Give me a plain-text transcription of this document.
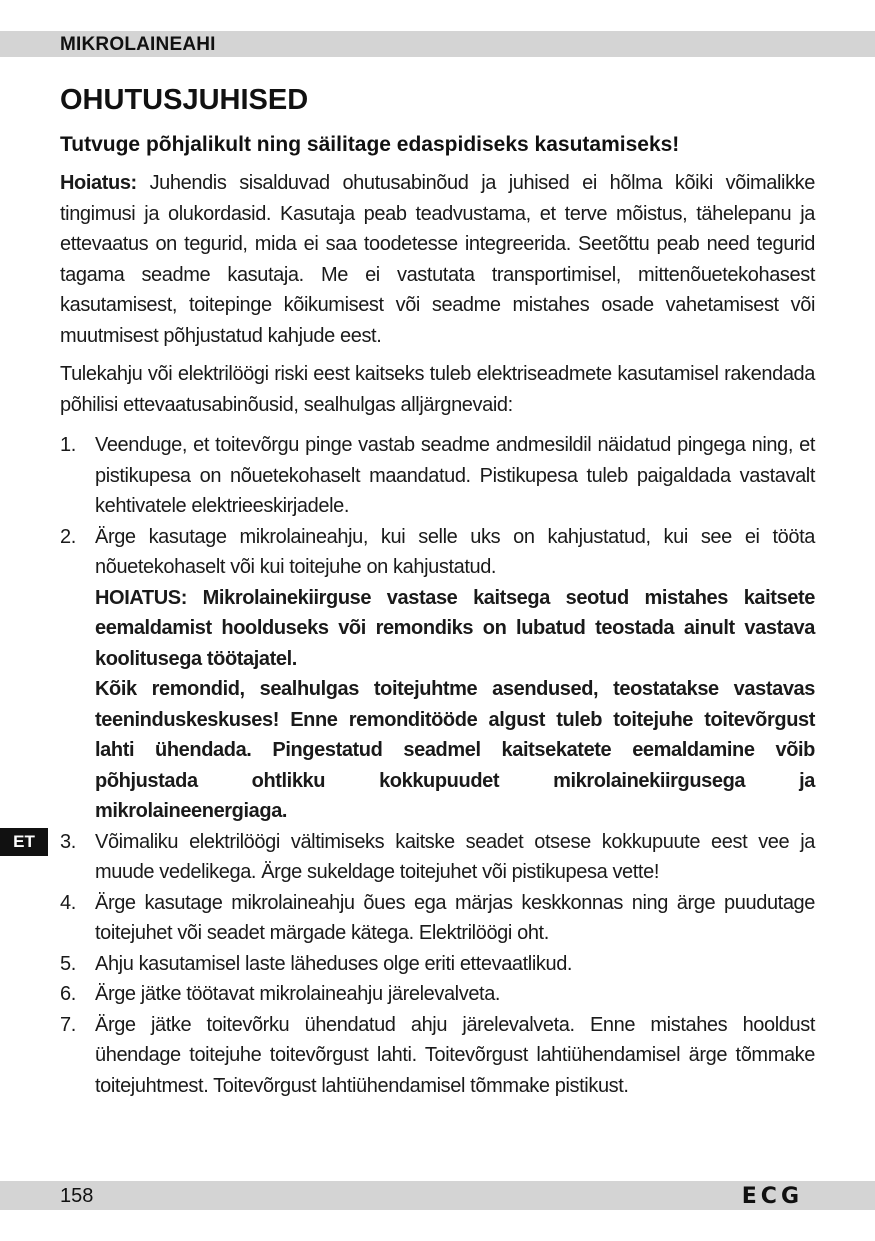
MIKROLAINEAHI
OHUTUSJUHISED
Tutvuge põhjalikult ning säilitage edaspidiseks kasutamiseks!

Hoiatus: Juhendis sisalduvad ohutusabinõud ja juhised ei hõlma kõiki võimalikke tingimusi ja olukordasid. Kasutaja peab teadvustama, et terve mõistus, tähelepanu ja ettevaatus on tegurid, mida ei saa toodetesse integreerida. Seetõttu peab need tegurid tagama seadme kasutaja. Me ei vastutata transportimisel, mittenõuetekohasest kasutamisest, toitepinge kõikumisest või seadme mistahes osade vahetamisest või muutmisest põhjustatud kahjude eest.

Tulekahju või elektrilöögi riski eest kaitseks tuleb elektriseadmete kasutamisel rakendada põhilisi ettevaatusabinõusid, sealhulgas alljärgnevaid:

1. Veenduge, et toitevõrgu pinge vastab seadme andmesildil näidatud pingega ning, et pistikupesa on nõuetekohaselt maandatud. Pistikupesa tuleb paigaldada vastavalt kehtivatele elektrieeskirjadele.
2. Ärge kasutage mikrolaineahju, kui selle uks on kahjustatud, kui see ei tööta nõuetekohaselt või kui toitejuhe on kahjustatud.
HOIATUS: Mikrolainekiirguse vastase kaitsega seotud mistahes kaitsete eemaldamist hoolduseks või remondiks on lubatud teostada ainult vastava koolitusega töötajatel.
Kõik remondid, sealhulgas toitejuhtme asendused, teostatakse vastavas teeninduskeskuses! Enne remonditööde algust tuleb toitejuhe toitevõrgust lahti ühendada. Pingestatud seadmel kaitsekatete eemaldamine võib põhjustada ohtlikku kokkupuudet mikrolainekiirgusega ja mikrolaineenergiaga.
3. Võimaliku elektrilöögi vältimiseks kaitske seadet otsese kokkupuute eest vee ja muude vedelikega. Ärge sukeldage toitejuhet või pistikupesa vette!
4. Ärge kasutage mikrolaineahju õues ega märjas keskkonnas ning ärge puudutage toitejuhet või seadet märgade kätega. Elektrilöögi oht.
5. Ahju kasutamisel laste läheduses olge eriti ettevaatlikud.
6. Ärge jätke töötavat mikrolaineahju järelevalveta.
7. Ärge jätke toitevõrku ühendatud ahju järelevalveta. Enne mistahes hooldust ühendage toitejuhe toitevõrgust lahti. Toitevõrgust lahtiühendamisel ärge tõmmake toitejuhtmest. Toitevõrgust lahtiühendamisel tõmmake pistikust.
ET
158	ECG
